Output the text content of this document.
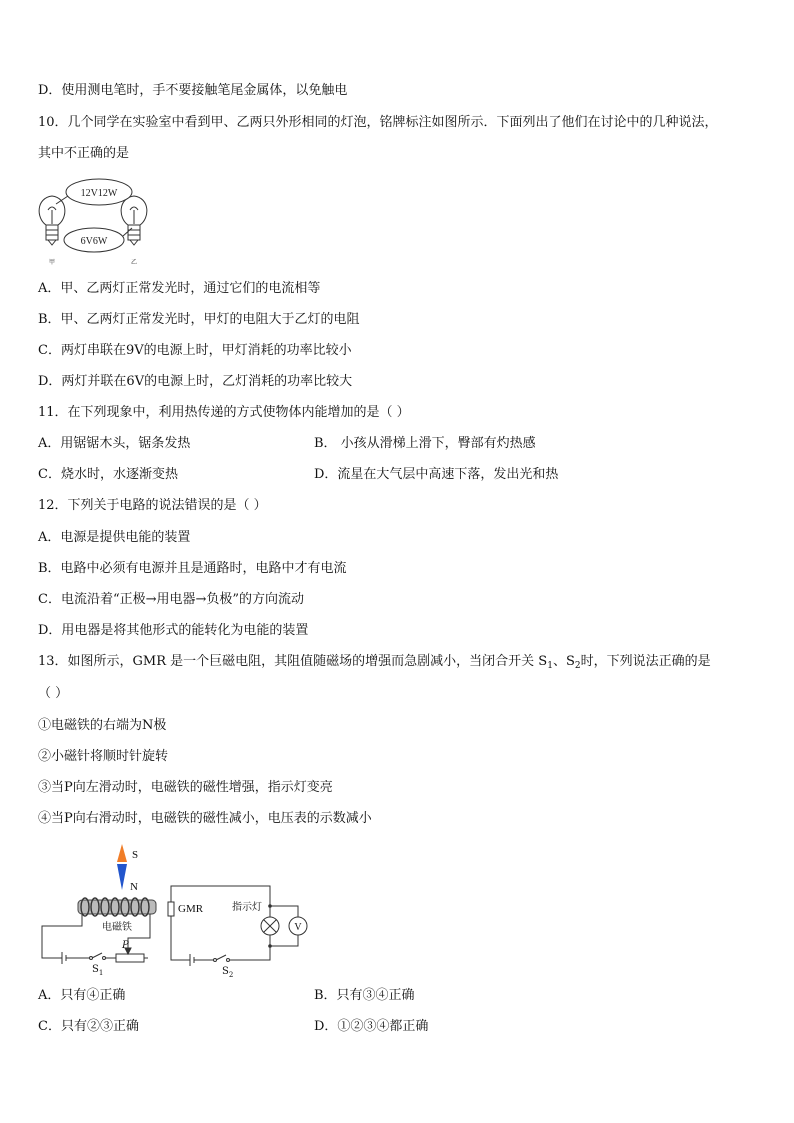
D．使用测电笔时，手不要接触笔尾金属体，以免触电
10．几个同学在实验室中看到甲、乙两只外形相同的灯泡，铭牌标注如图所示．下面列出了他们在讨论中的几种说法，
其中不正确的是
12V12W
6V6W
甲	乙
A．甲、乙两灯正常发光时，通过它们的电流相等
B．甲、乙两灯正常发光时，甲灯的电阻大于乙灯的电阻
C．两灯串联在9V的电源上时，甲灯消耗的功率比较小
D．两灯并联在6V的电源上时，乙灯消耗的功率比较大
11．在下列现象中，利用热传递的方式使物体内能增加的是（ ）
A．用锯锯木头，锯条发热	B． 小孩从滑梯上滑下，臀部有灼热感
C．烧水时，水逐渐变热	D．流星在大气层中高速下落，发出光和热
12．下列关于电路的说法错误的是（ ）
A．电源是提供电能的装置
B．电路中必须有电源并且是通路时，电路中才有电流
C．电流沿着“正极→用电器→负极”的方向流动
D．用电器是将其他形式的能转化为电能的装置
13．如图所示，GMR 是一个巨磁电阻，其阻值随磁场的增强而急剧减小，当闭合开关 $S_1$、$S_2$时，下列说法正确的是
（ ）
①电磁铁的右端为N极
②小磁针将顺时针旋转
③当P向左滑动时，电磁铁的磁性增强，指示灯变亮
④当P向右滑动时，电磁铁的磁性减小，电压表的示数减小
S
N
电磁铁
P
$S_1$
GMR	指示灯
V
$S_2$
A．只有④正确	B．只有③④正确
C．只有②③正确	D．①②③④都正确
